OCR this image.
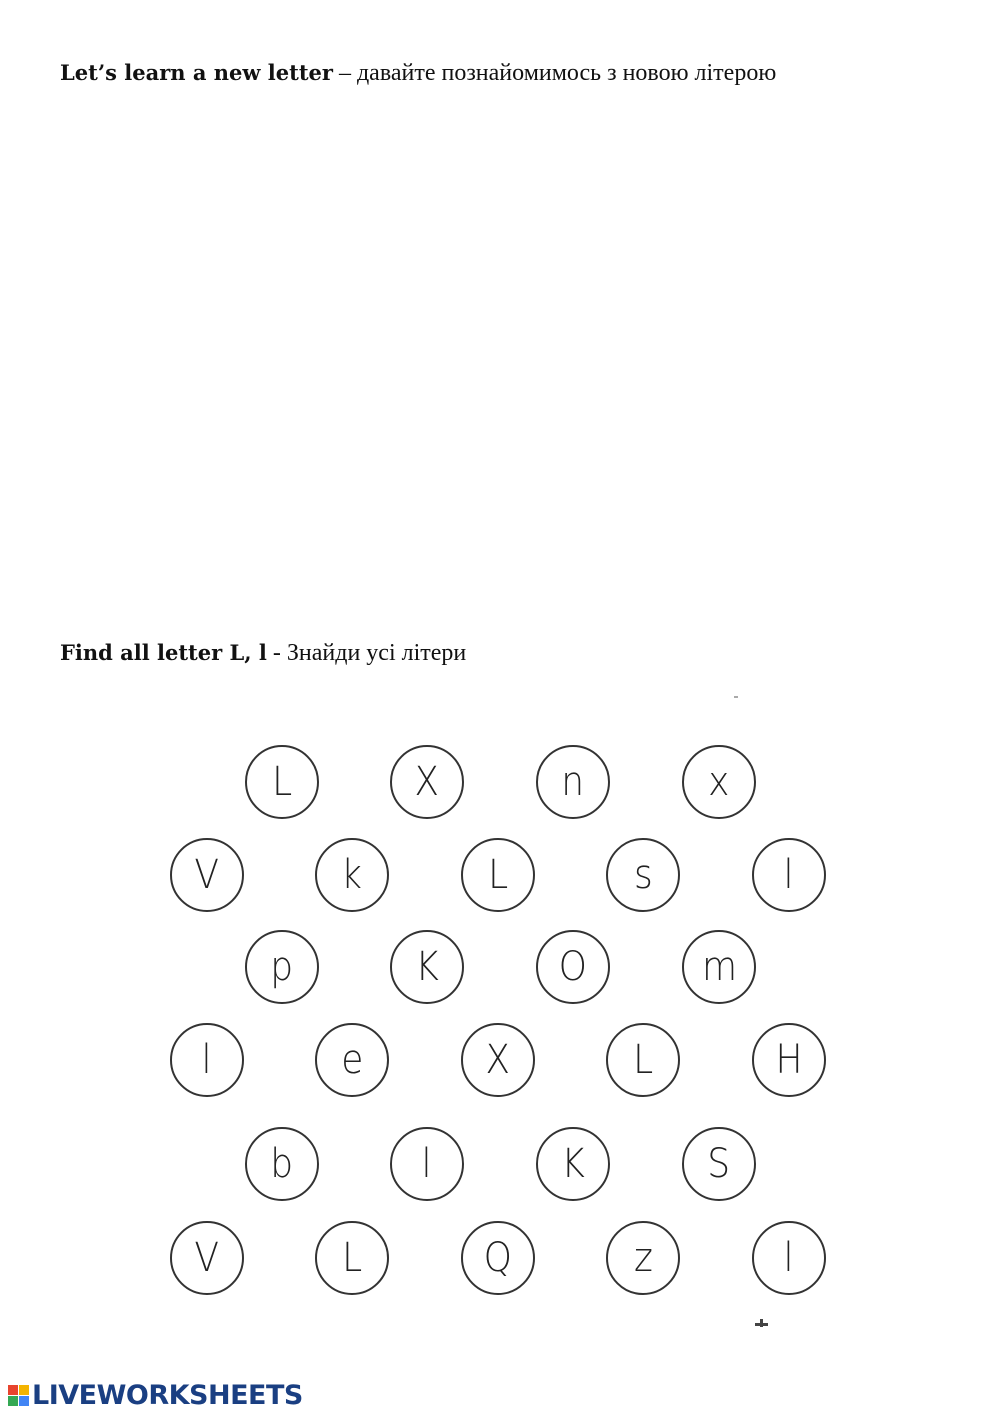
Let’s learn a new letter – давайте познайомимось з новою літерою
Find all letter L, l - Знайди усі літери
L	X	n	x
V	k	L	s	l
p	K	O	m
l	e	X	L	H
b	l	K	S
V	L	Q	z	l
LIVEWORKSHEETS
